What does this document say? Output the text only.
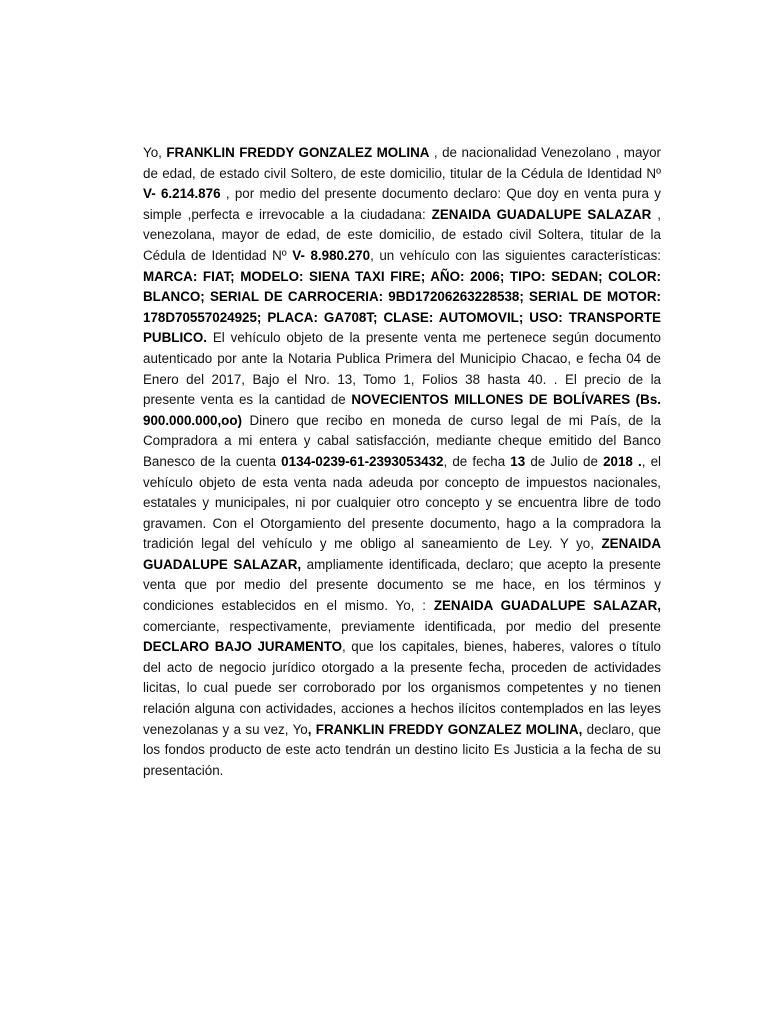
Yo, FRANKLIN FREDDY GONZALEZ MOLINA , de nacionalidad Venezolano , mayor de edad, de estado civil Soltero, de este domicilio, titular de la Cédula de Identidad Nº V- 6.214.876 , por medio del presente documento declaro: Que doy en venta pura y simple ,perfecta e irrevocable a la ciudadana: ZENAIDA GUADALUPE SALAZAR , venezolana, mayor de edad, de este domicilio, de estado civil Soltera, titular de la Cédula de Identidad Nº V- 8.980.270, un vehículo con las siguientes características: MARCA: FIAT; MODELO: SIENA TAXI FIRE; AÑO: 2006; TIPO: SEDAN; COLOR: BLANCO; SERIAL DE CARROCERIA: 9BD17206263228538; SERIAL DE MOTOR: 178D70557024925; PLACA: GA708T; CLASE: AUTOMOVIL; USO: TRANSPORTE PUBLICO. El vehículo objeto de la presente venta me pertenece según documento autenticado por ante la Notaria Publica Primera del Municipio Chacao, e fecha 04 de Enero del 2017, Bajo el Nro. 13, Tomo 1, Folios 38 hasta 40. . El precio de la presente venta es la cantidad de NOVECIENTOS MILLONES DE BOLÍVARES (Bs. 900.000.000,oo) Dinero que recibo en moneda de curso legal de mi País, de la Compradora a mi entera y cabal satisfacción, mediante cheque emitido del Banco Banesco de la cuenta 0134-0239-61-2393053432, de fecha 13 de Julio de 2018 ., el vehículo objeto de esta venta nada adeuda por concepto de impuestos nacionales, estatales y municipales, ni por cualquier otro concepto y se encuentra libre de todo gravamen. Con el Otorgamiento del presente documento, hago a la compradora la tradición legal del vehículo y me obligo al saneamiento de Ley. Y yo, ZENAIDA GUADALUPE SALAZAR, ampliamente identificada, declaro; que acepto la presente venta que por medio del presente documento se me hace, en los términos y condiciones establecidos en el mismo. Yo, : ZENAIDA GUADALUPE SALAZAR, comerciante, respectivamente, previamente identificada, por medio del presente DECLARO BAJO JURAMENTO, que los capitales, bienes, haberes, valores o título del acto de negocio jurídico otorgado a la presente fecha, proceden de actividades licitas, lo cual puede ser corroborado por los organismos competentes y no tienen relación alguna con actividades, acciones a hechos ilícitos contemplados en las leyes venezolanas y a su vez, Yo, FRANKLIN FREDDY GONZALEZ MOLINA, declaro, que los fondos producto de este acto tendrán un destino licito Es Justicia a la fecha de su presentación.
